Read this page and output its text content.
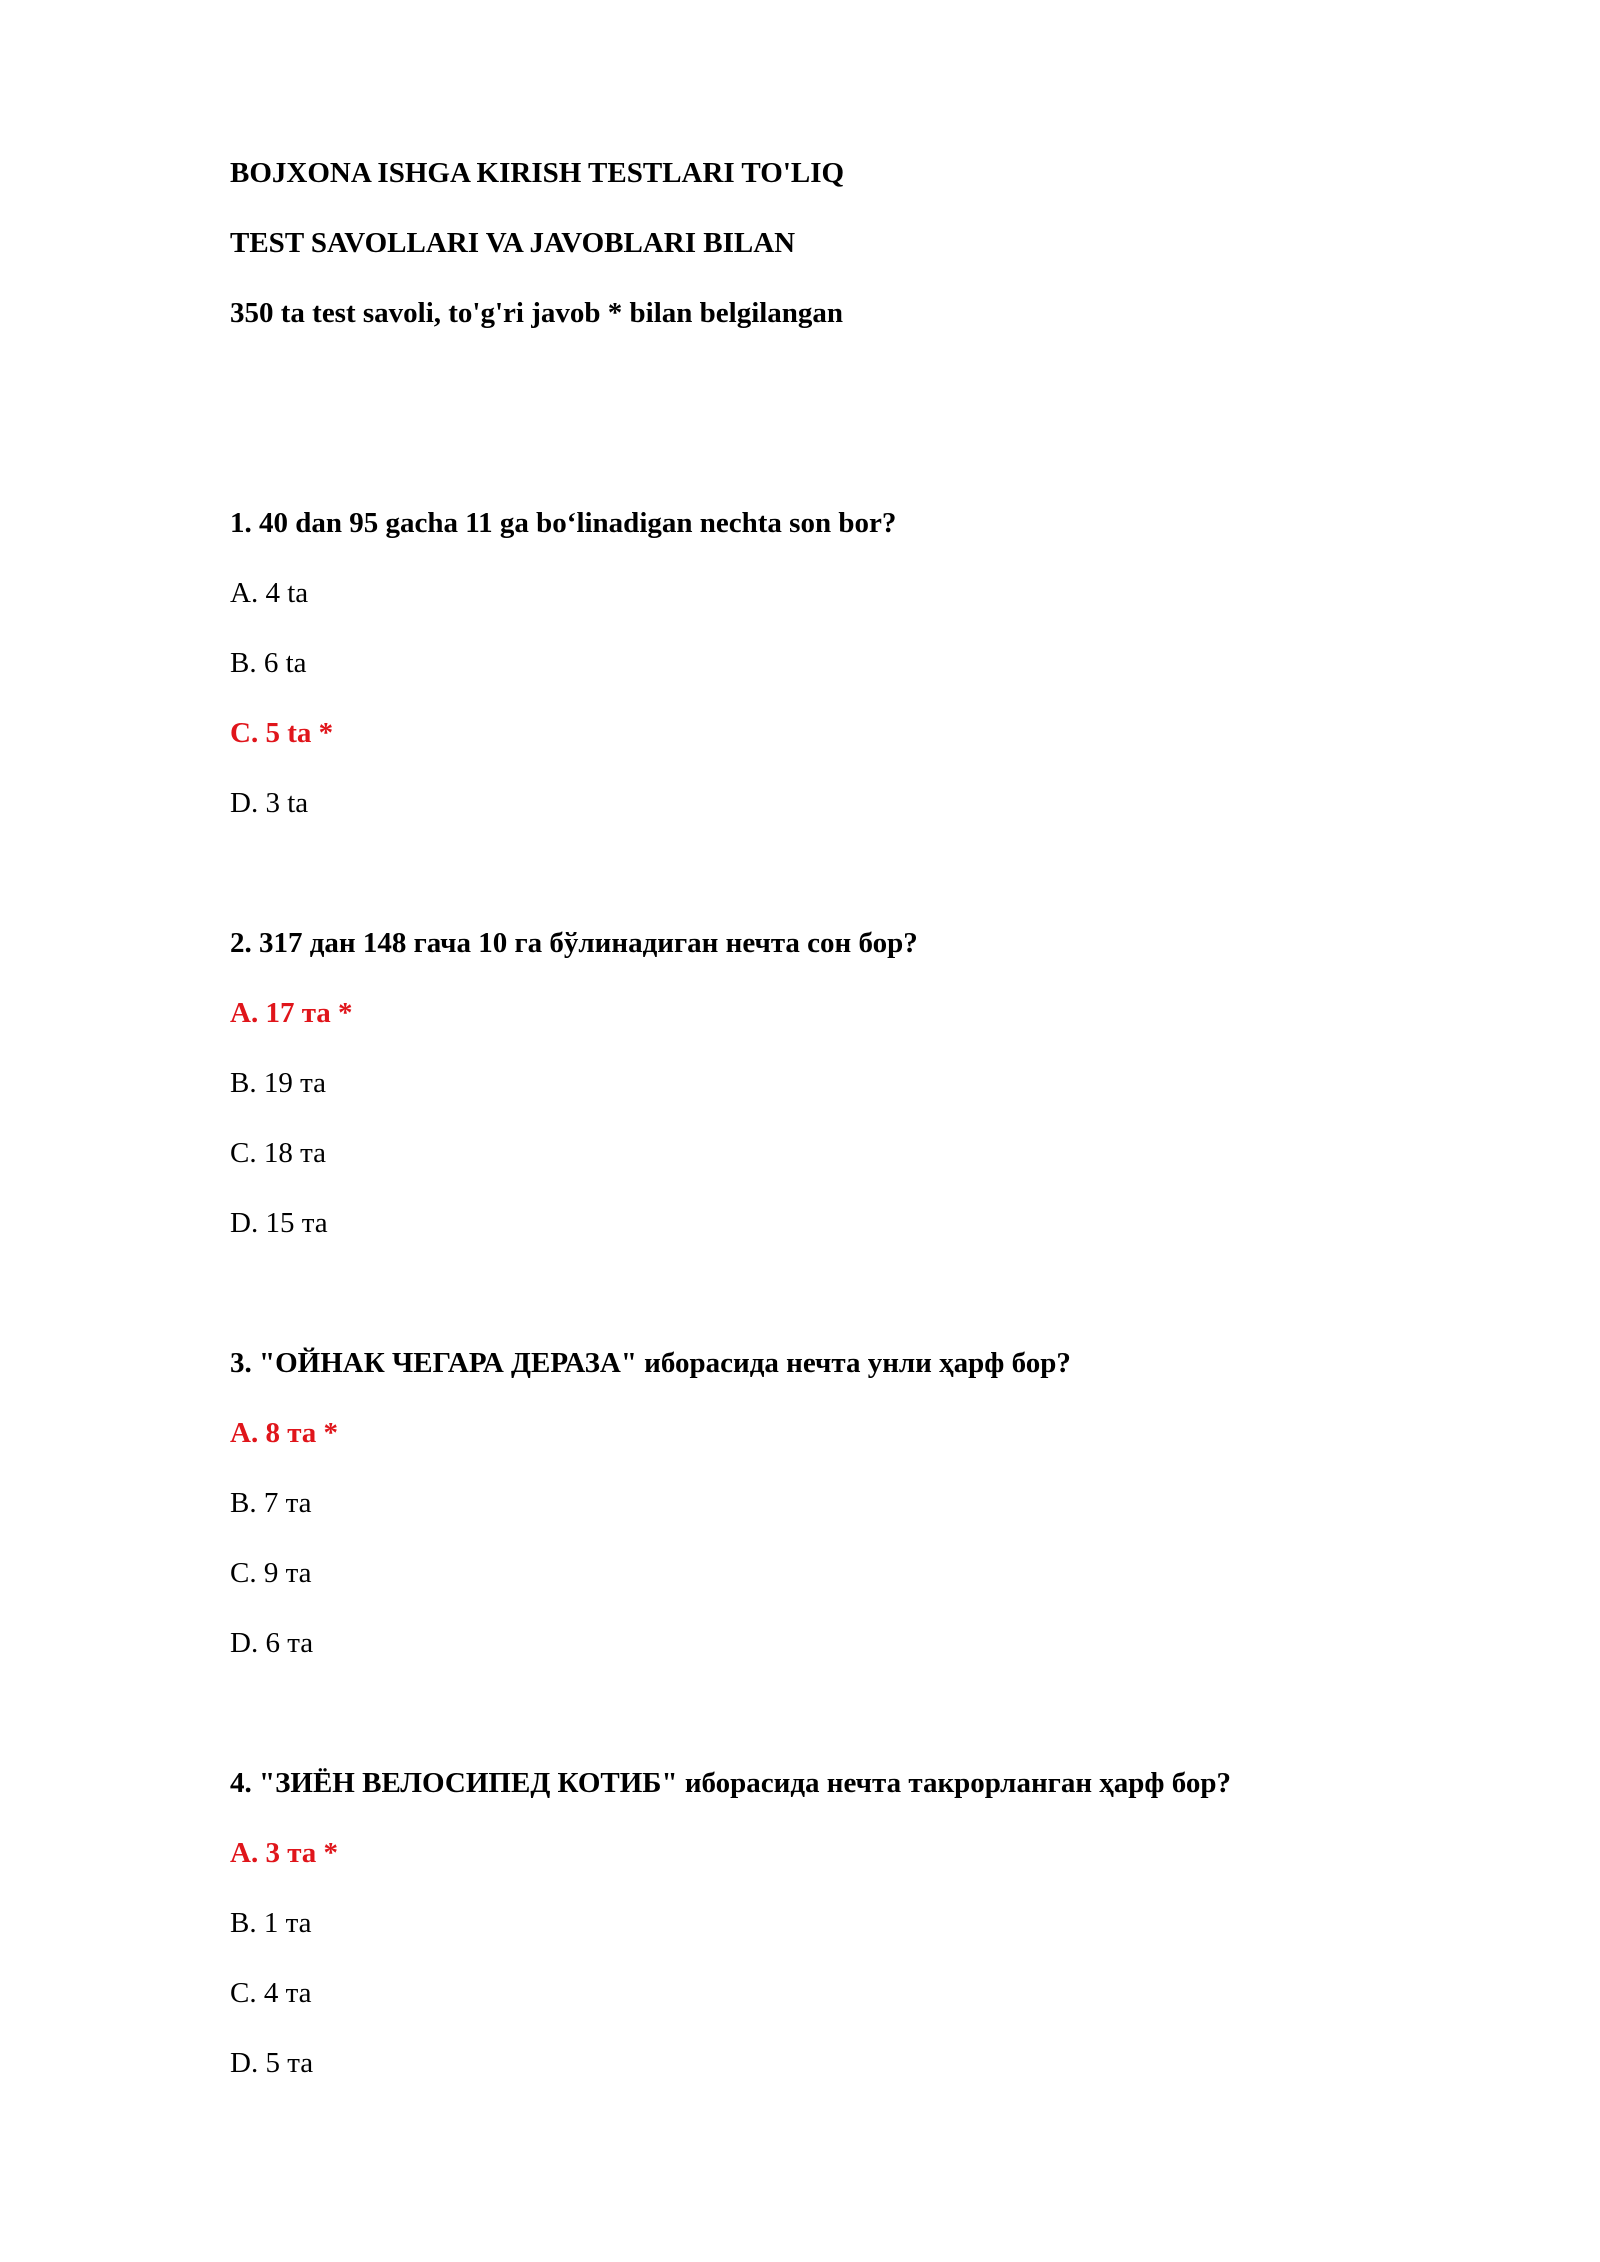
BOJXONA ISHGA KIRISH TESTLARI TO'LIQ

TEST SAVOLLARI VA JAVOBLARI BILAN

350 ta test savoli, to'g'ri javob * bilan belgilangan

1. 40 dan 95 gacha 11 ga bo‘linadigan nechta son bor?

A. 4 ta

B. 6 ta

C. 5 ta *

D. 3 ta

2. 317 дан 148 гача 10 га бўлинадиган нечта сон бор?

A. 17 та *

B. 19 та

C. 18 та

D. 15 та

3. "ОЙНАК ЧЕГАРА ДЕРАЗА" иборасида нечта унли ҳарф бор?

A. 8 та *

B. 7 та

C. 9 та

D. 6 та

4. "ЗИЁН ВЕЛОСИПЕД КОТИБ" иборасида нечта такрорланган ҳарф бор?

A. 3 та *

B. 1 та

C. 4 та

D. 5 та
